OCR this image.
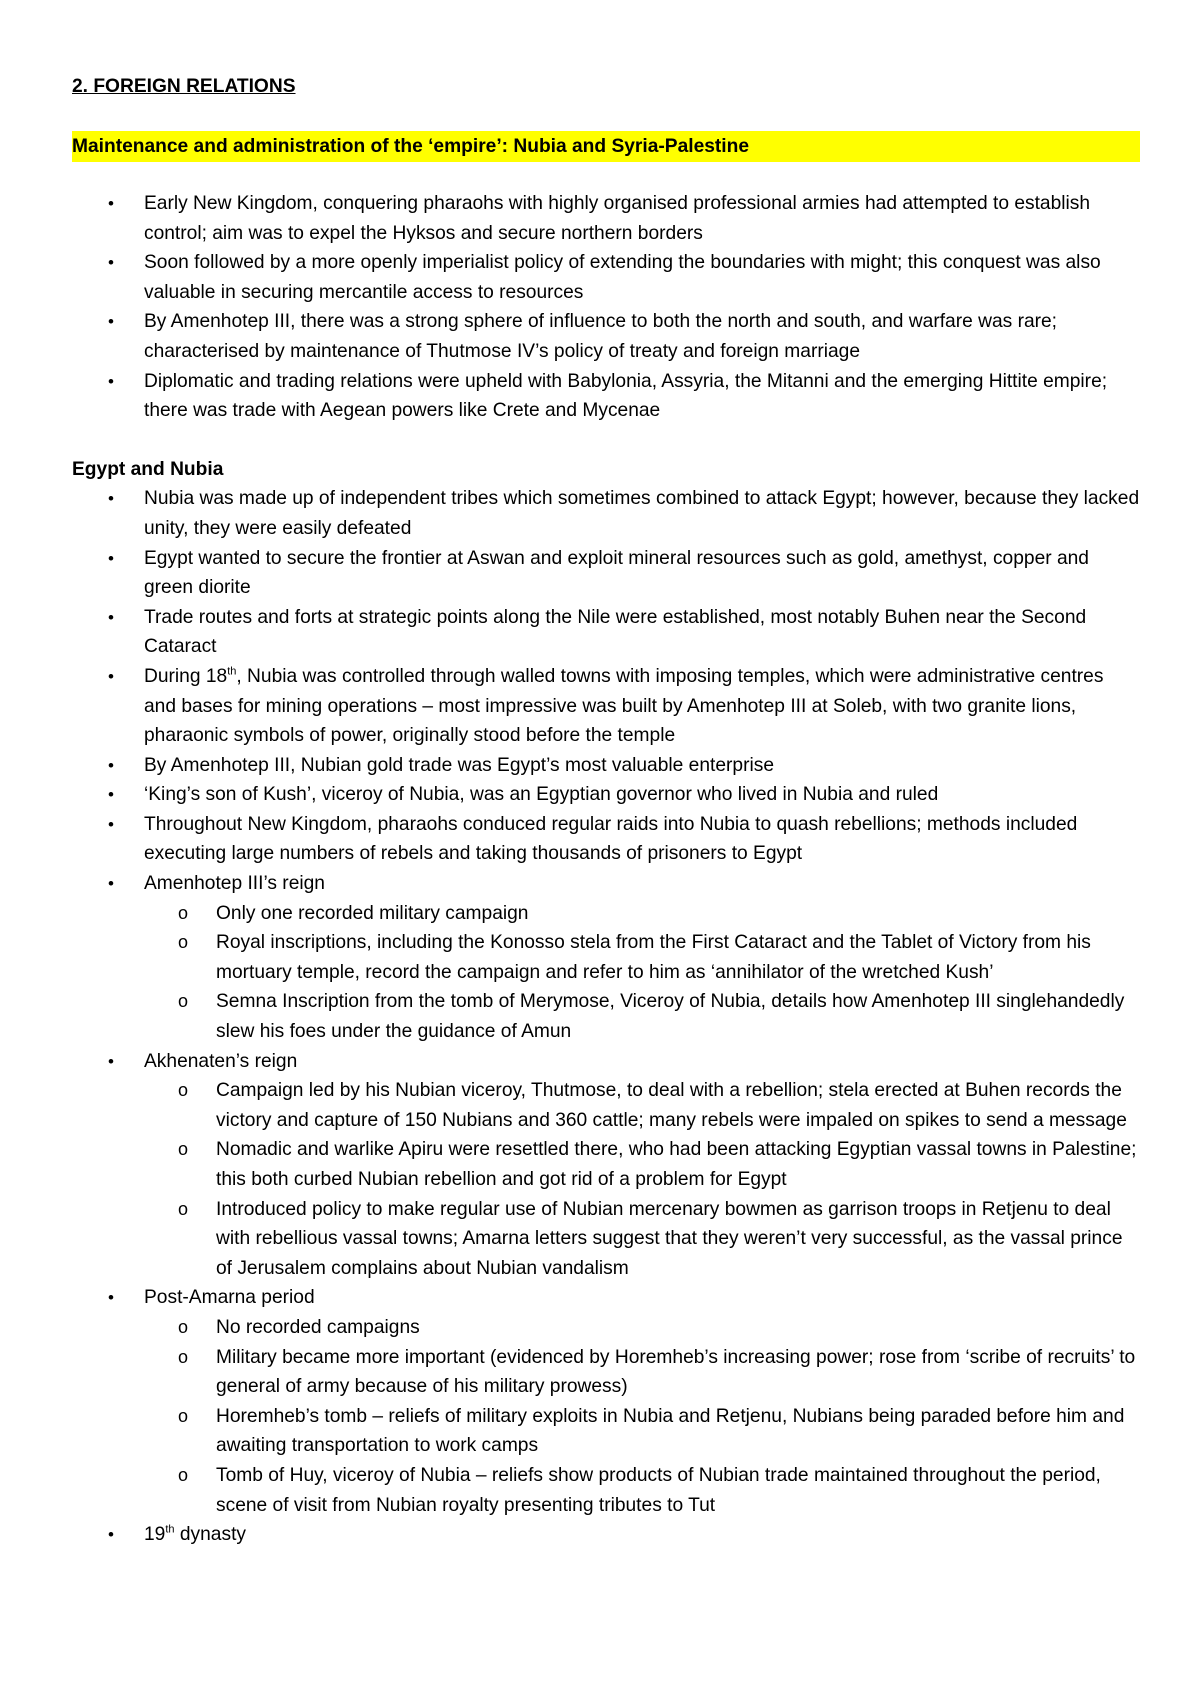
2. FOREIGN RELATIONS
Maintenance and administration of the ‘empire’: Nubia and Syria-Palestine
• Early New Kingdom, conquering pharaohs with highly organised professional armies had attempted to establish control; aim was to expel the Hyksos and secure northern borders
• Soon followed by a more openly imperialist policy of extending the boundaries with might; this conquest was also valuable in securing mercantile access to resources
• By Amenhotep III, there was a strong sphere of influence to both the north and south, and warfare was rare; characterised by maintenance of Thutmose IV’s policy of treaty and foreign marriage
• Diplomatic and trading relations were upheld with Babylonia, Assyria, the Mitanni and the emerging Hittite empire; there was trade with Aegean powers like Crete and Mycenae
Egypt and Nubia
• Nubia was made up of independent tribes which sometimes combined to attack Egypt; however, because they lacked unity, they were easily defeated
• Egypt wanted to secure the frontier at Aswan and exploit mineral resources such as gold, amethyst, copper and green diorite
• Trade routes and forts at strategic points along the Nile were established, most notably Buhen near the Second Cataract
• During 18th, Nubia was controlled through walled towns with imposing temples, which were administrative centres and bases for mining operations – most impressive was built by Amenhotep III at Soleb, with two granite lions, pharaonic symbols of power, originally stood before the temple
• By Amenhotep III, Nubian gold trade was Egypt’s most valuable enterprise
• ‘King’s son of Kush’, viceroy of Nubia, was an Egyptian governor who lived in Nubia and ruled
• Throughout New Kingdom, pharaohs conduced regular raids into Nubia to quash rebellions; methods included executing large numbers of rebels and taking thousands of prisoners to Egypt
• Amenhotep III’s reign
o Only one recorded military campaign
o Royal inscriptions, including the Konosso stela from the First Cataract and the Tablet of Victory from his mortuary temple, record the campaign and refer to him as ‘annihilator of the wretched Kush’
o Semna Inscription from the tomb of Merymose, Viceroy of Nubia, details how Amenhotep III singlehandedly slew his foes under the guidance of Amun
• Akhenaten’s reign
o Campaign led by his Nubian viceroy, Thutmose, to deal with a rebellion; stela erected at Buhen records the victory and capture of 150 Nubians and 360 cattle; many rebels were impaled on spikes to send a message
o Nomadic and warlike Apiru were resettled there, who had been attacking Egyptian vassal towns in Palestine; this both curbed Nubian rebellion and got rid of a problem for Egypt
o Introduced policy to make regular use of Nubian mercenary bowmen as garrison troops in Retjenu to deal with rebellious vassal towns; Amarna letters suggest that they weren’t very successful, as the vassal prince of Jerusalem complains about Nubian vandalism
• Post-Amarna period
o No recorded campaigns
o Military became more important (evidenced by Horemheb’s increasing power; rose from ‘scribe of recruits’ to general of army because of his military prowess)
o Horemheb’s tomb – reliefs of military exploits in Nubia and Retjenu, Nubians being paraded before him and awaiting transportation to work camps
o Tomb of Huy, viceroy of Nubia – reliefs show products of Nubian trade maintained throughout the period, scene of visit from Nubian royalty presenting tributes to Tut
• 19th dynasty
